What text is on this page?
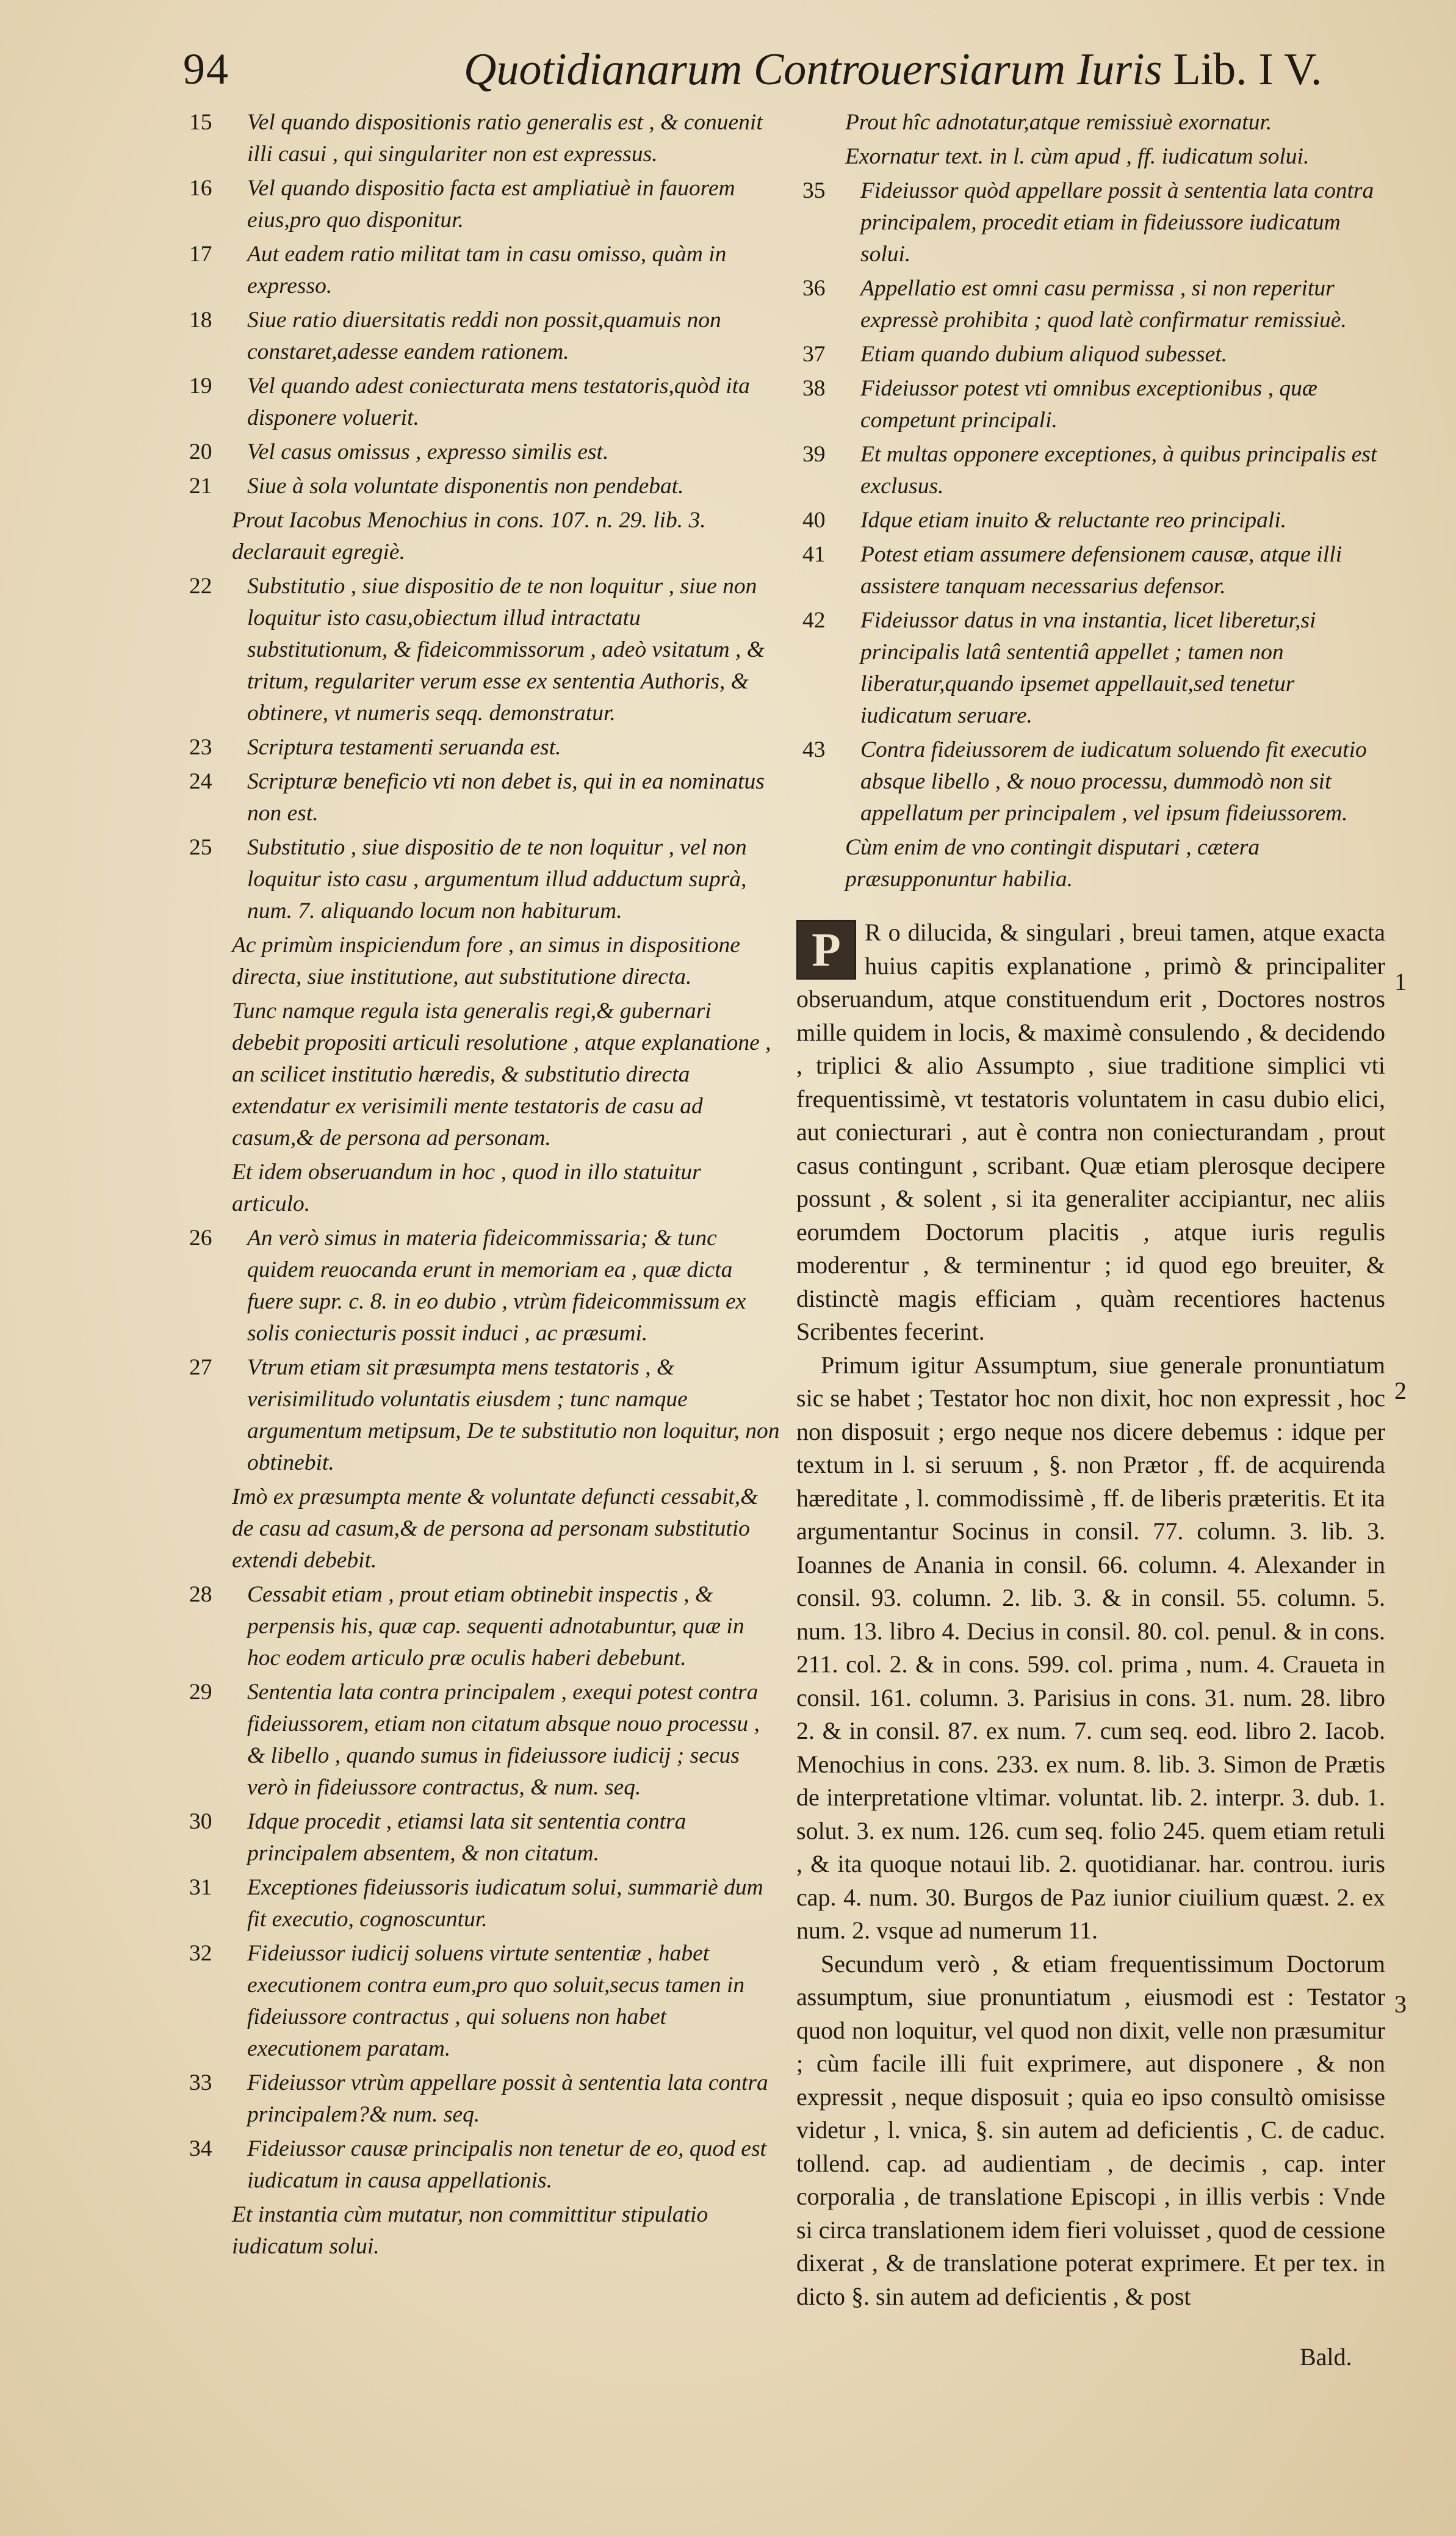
94	Quotidianarum Controuersiarum Iuris Lib. I V.

15	Vel quando dispositionis ratio generalis est , & conuenit illi casui , qui singulariter non est expressus.

16	Vel quando dispositio facta est ampliatiuè in fauorem eius,pro quo disponitur.

17	Aut eadem ratio militat tam in casu omisso, quàm in expresso.

18	Siue ratio diuersitatis reddi non possit,quamuis non constaret,adesse eandem rationem.

19	Vel quando adest coniecturata mens testatoris,quòd ita disponere voluerit.

20	Vel casus omissus , expresso similis est.

21	Siue à sola voluntate disponentis non pendebat.

Prout Iacobus Menochius in cons. 107. n. 29. lib. 3. declarauit egregiè.

22	Substitutio , siue dispositio de te non loquitur , siue non loquitur isto casu,obiectum illud intractatu substitutionum, & fideicommissorum , adeò vsitatum , & tritum, regulariter verum esse ex sententia Authoris, & obtinere, vt numeris seqq. demonstratur.

23	Scriptura testamenti seruanda est.

24	Scripturæ beneficio vti non debet is, qui in ea nominatus non est.

25	Substitutio , siue dispositio de te non loquitur , vel non loquitur isto casu , argumentum illud adductum suprà, num. 7. aliquando locum non habiturum.

Ac primùm inspiciendum fore , an simus in dispositione directa, siue institutione, aut substitutione directa.

Tunc namque regula ista generalis regi,& gubernari debebit propositi articuli resolutione , atque explanatione , an scilicet institutio hæredis, & substitutio directa extendatur ex verisimili mente testatoris de casu ad casum,& de persona ad personam.

Et idem obseruandum in hoc , quod in illo statuitur articulo.

26	An verò simus in materia fideicommissaria; & tunc quidem reuocanda erunt in memoriam ea , quæ dicta fuere supr. c. 8. in eo dubio , vtrùm fideicommissum ex solis coniecturis possit induci , ac præsumi.

27	Vtrum etiam sit præsumpta mens testatoris , & verisimilitudo voluntatis eiusdem ; tunc namque argumentum metipsum, De te substitutio non loquitur, non obtinebit.

Imò ex præsumpta mente & voluntate defuncti cessabit,& de casu ad casum,& de persona ad personam substitutio extendi debebit.

28	Cessabit etiam , prout etiam obtinebit inspectis , & perpensis his, quæ cap. sequenti adnotabuntur, quæ in hoc eodem articulo præ oculis haberi debebunt.

29	Sententia lata contra principalem , exequi potest contra fideiussorem, etiam non citatum absque nouo processu , & libello , quando sumus in fideiussore iudicij ; secus verò in fideiussore contractus, & num. seq.

30	Idque procedit , etiamsi lata sit sententia contra principalem absentem, & non citatum.

31	Exceptiones fideiussoris iudicatum solui, summariè dum fit executio, cognoscuntur.

32	Fideiussor iudicij soluens virtute sententiæ , habet executionem contra eum,pro quo soluit,secus tamen in fideiussore contractus , qui soluens non habet executionem paratam.

33	Fideiussor vtrùm appellare possit à sententia lata contra principalem?& num. seq.

34	Fideiussor causæ principalis non tenetur de eo, quod est iudicatum in causa appellationis.

Et instantia cùm mutatur, non committitur stipulatio iudicatum solui.

Prout hîc adnotatur,atque remissiuè exornatur.

Exornatur text. in l. cùm apud , ff. iudicatum solui.

35	Fideiussor quòd appellare possit à sententia lata contra principalem, procedit etiam in fideiussore iudicatum solui.

36	Appellatio est omni casu permissa , si non reperitur expressè prohibita ; quod latè confirmatur remissiuè.

37	Etiam quando dubium aliquod subesset.

38	Fideiussor potest vti omnibus exceptionibus , quæ competunt principali.

39	Et multas opponere exceptiones, à quibus principalis est exclusus.

40	Idque etiam inuito & reluctante reo principali.

41	Potest etiam assumere defensionem causæ, atque illi assistere tanquam necessarius defensor.

42	Fideiussor datus in vna instantia, licet liberetur,si principalis latâ sententiâ appellet ; tamen non liberatur,quando ipsemet appellauit,sed tenetur iudicatum seruare.

43	Contra fideiussorem de iudicatum soluendo fit executio absque libello , & nouo processu, dummodò non sit appellatum per principalem , vel ipsum fideiussorem.

Cùm enim de vno contingit disputari , cætera præsupponuntur habilia.

P R o dilucida, & singulari , breui tamen, atque exacta huius capitis explanatione , primò & principaliter obseruandum, atque constituendum erit , Doctores nostros mille quidem in locis, & maximè consulendo , & decidendo , triplici & alio Assumpto , siue traditione simplici vti frequentissimè, vt testatoris voluntatem in casu dubio elici, aut coniecturari , aut è contra non coniecturandam , prout casus contingunt , scribant. Quæ etiam plerosque decipere possunt , & solent , si ita generaliter accipiantur, nec aliis eorumdem Doctorum placitis , atque iuris regulis moderentur , & terminentur ; id quod ego breuiter, & distinctè magis efficiam , quàm recentiores hactenus Scribentes fecerint.

Primum igitur Assumptum, siue generale pronuntiatum sic se habet ; Testator hoc non dixit, hoc non expressit , hoc non disposuit ; ergo neque nos dicere debemus : idque per textum in l. si seruum , §. non Prætor , ff. de acquirenda hæreditate , l. commodissimè , ff. de liberis præteritis. Et ita argumentantur Socinus in consil. 77. column. 3. lib. 3. Ioannes de Anania in consil. 66. column. 4. Alexander in consil. 93. column. 2. lib. 3. & in consil. 55. column. 5. num. 13. libro 4. Decius in consil. 80. col. penul. & in cons. 211. col. 2. & in cons. 599. col. prima , num. 4. Craueta in consil. 161. column. 3. Parisius in cons. 31. num. 28. libro 2. & in consil. 87. ex num. 7. cum seq. eod. libro 2. Iacob. Menochius in cons. 233. ex num. 8. lib. 3. Simon de Prætis de interpretatione vltimar. voluntat. lib. 2. interpr. 3. dub. 1. solut. 3. ex num. 126. cum seq. folio 245. quem etiam retuli , & ita quoque notaui lib. 2. quotidianar. har. controu. iuris cap. 4. num. 30. Burgos de Paz iunior ciuilium quæst. 2. ex num. 2. vsque ad numerum 11.

Secundum verò , & etiam frequentissimum Doctorum assumptum, siue pronuntiatum , eiusmodi est : Testator quod non loquitur, vel quod non dixit, velle non præsumitur ; cùm facile illi fuit exprimere, aut disponere , & non expressit , neque disposuit ; quia eo ipso consultò omisisse videtur , l. vnica, §. sin autem ad deficientis , C. de caduc. tollend. cap. ad audientiam , de decimis , cap. inter corporalia , de translatione Episcopi , in illis verbis : Vnde si circa translationem idem fieri voluisset , quod de cessione dixerat , & de translatione poterat exprimere. Et per tex. in dicto §. sin autem ad deficientis , & post

1
2
3
Bald.
